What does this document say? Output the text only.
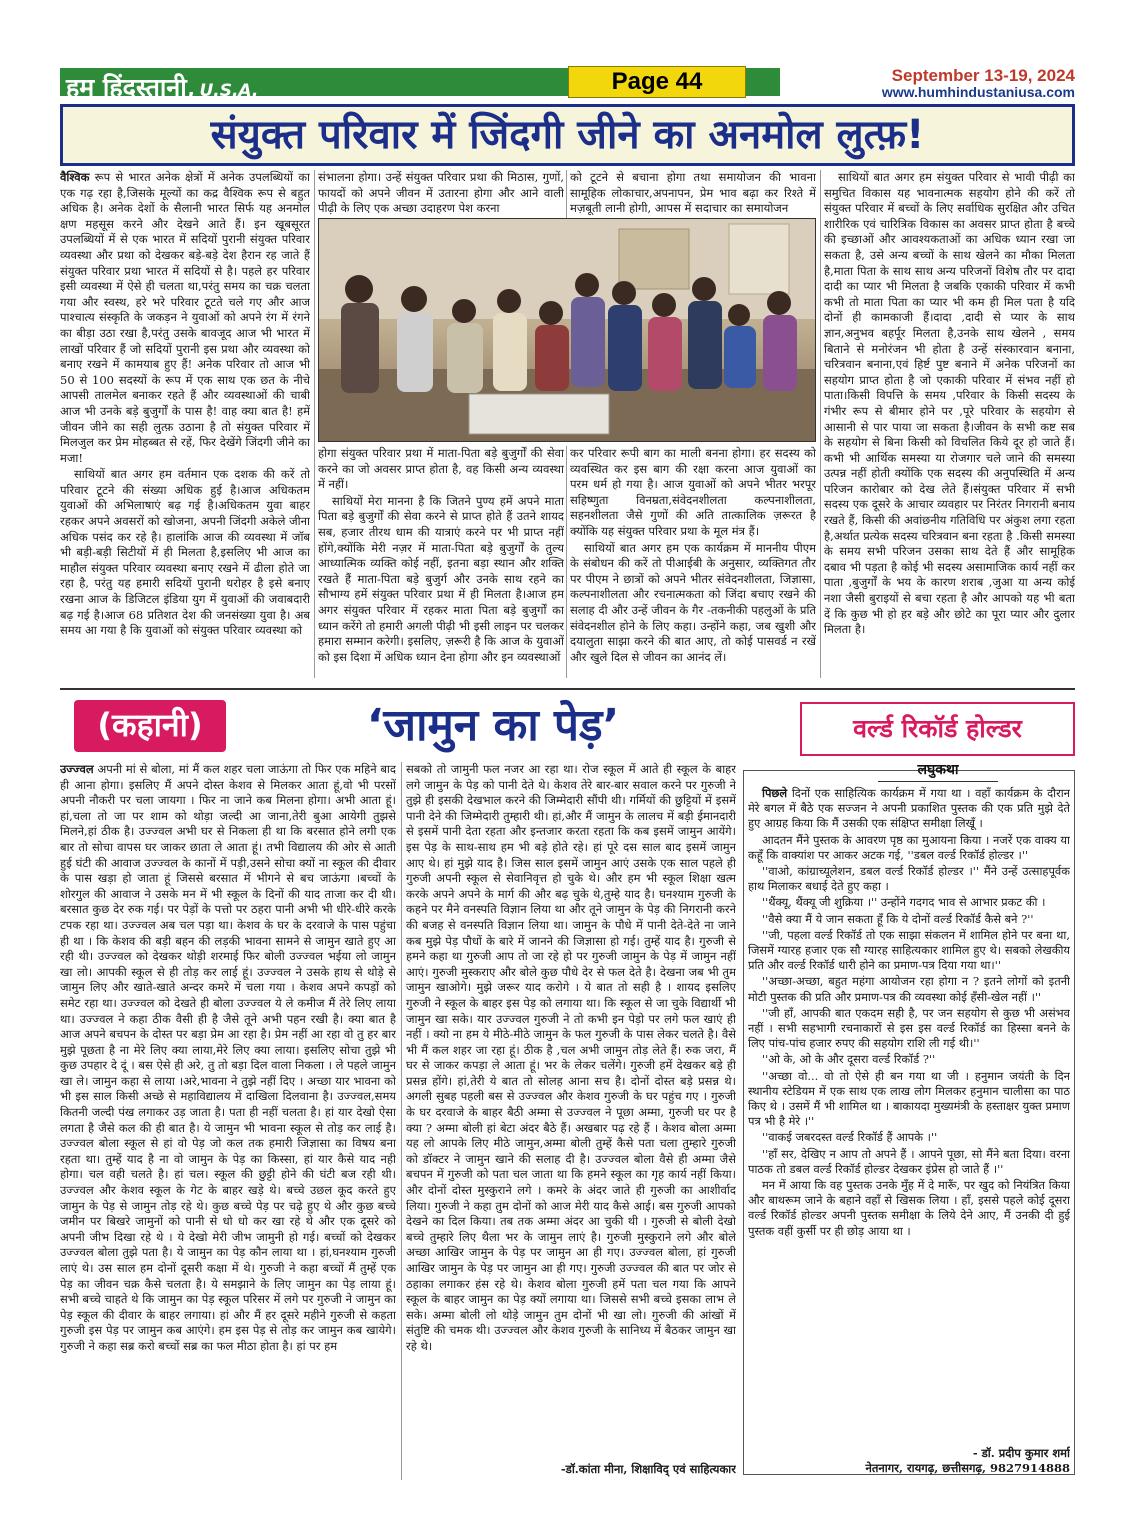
हम हिंदुस्तानी, U.S.A.	Page 44	September 13-19, 2024
www.humhindustaniusa.com
संयुक्त परिवार में जिंदगी जीने का अनमोल लुत्फ़!

वैश्विक रूप से भारत अनेक क्षेत्रों में अनेक उपलब्धियों का एक गढ़ रहा है,जिसके मूल्यों का कद्र वैश्विक रूप से बहुत अधिक है। अनेक देशों के सैलानी भारत सिर्फ यह अनमोल क्षण महसूस करने और देखने आते हैं। इन खूबसूरत उपलब्धियों में से एक भारत में सदियों पुरानी संयुक्त परिवार व्यवस्था और प्रथा को देखकर बड़े-बड़े देश हैरान रह जाते हैं संयुक्त परिवार प्रथा भारत में सदियों से है। पहले हर परिवार इसी व्यवस्था में ऐसे ही चलता था,परंतु समय का चक्र चलता गया और स्वस्थ, हरे भरे परिवार टूटते चले गए और आज पाश्चात्य संस्कृति के जकड़न ने युवाओं को अपने रंग में रंगने का बीड़ा उठा रखा है,परंतु उसके बावजूद आज भी भारत में लाखों परिवार हैं जो सदियों पुरानी इस प्रथा और व्यवस्था को बनाए रखने में कामयाब हुए हैं! अनेक परिवार तो आज भी 50 से 100 सदस्यों के रूप में एक साथ एक छत के नीचे आपसी तालमेल बनाकर रहते हैं और व्यवस्थाओं की चाबी आज भी उनके बड़े बुजुर्गों के पास है! वाह क्या बात है! हमें जीवन जीने का सही लुत्फ़ उठाना है तो संयुक्त परिवार में मिलजुल कर प्रेम मोहब्बत से रहें, फिर देखेंगे जिंदगी जीने का मजा!

साथियों बात अगर हम वर्तमान एक दशक की करें तो परिवार टूटने की संख्या अधिक हुई है।आज अधिकतम युवाओं की अभिलाषाएं बढ़ गई है।अधिकतम युवा बाहर रहकर अपने अवसरों को खोजना, अपनी जिंदगी अकेले जीना अधिक पसंद कर रहे है। हालांकि आज की व्यवस्था में जॉब भी बड़ी-बड़ी सिटीयों में ही मिलता है,इसलिए भी आज का माहौल संयुक्त परिवार व्यवस्था बनाए रखने में ढीला होते जा रहा है, परंतु यह हमारी सदियों पुरानी धरोहर है इसे बनाए रखना आज के डिजिटल इंडिया युग में युवाओं की जवाबदारी बढ़ गई है।आज 68 प्रतिशत देश की जनसंख्या युवा है। अब समय आ गया है कि युवाओं को संयुक्त परिवार व्यवस्था को

संभालना होगा। उन्हें संयुक्त परिवार प्रथा की मिठास, गुणों, फायदों को अपने जीवन में उतारना होगा और आने वाली पीढ़ी के लिए एक अच्छा उदाहरण पेश करना

को टूटने से बचाना होगा तथा समायोजन की भावना सामूहिक लोकाचार,अपनापन, प्रेम भाव बढ़ा कर रिश्ते में मज़बूती लानी होगी, आपस में सदाचार का समायोजन

होगा संयुक्त परिवार प्रथा में माता-पिता बड़े बुजुर्गों की सेवा करने का जो अवसर प्राप्त होता है, वह किसी अन्य व्यवस्था में नहीं।

साथियों मेरा मानना है कि जितने पुण्य हमें अपने माता पिता बड़े बुजुर्गों की सेवा करने से प्राप्त होते हैं उतने शायद सब, हजार तीरथ धाम की यात्राएं करने पर भी प्राप्त नहीं होंगे,क्योंकि मेरी नज़र में माता-पिता बड़े बुजुर्गों के तुल्य आध्यात्मिक व्यक्ति कोई नहीं, इतना बड़ा स्थान और शक्ति रखते हैं माता-पिता बड़े बुजुर्ग और उनके साथ रहने का सौभाग्य हमें संयुक्त परिवार प्रथा में ही मिलता है।आज हम अगर संयुक्त परिवार में रहकर माता पिता बड़े बुजुर्गों का ध्यान करेंगे तो हमारी अगली पीढ़ी भी इसी लाइन पर चलकर हमारा सम्मान करेगी। इसलिए, ज़रूरी है कि आज के युवाओं को इस दिशा में अधिक ध्यान देना होगा और इन व्यवस्थाओं

कर परिवार रूपी बाग का माली बनना होगा। हर सदस्य को व्यवस्थित कर इस बाग की रक्षा करना आज युवाओं का परम धर्म हो गया है। आज युवाओं को अपने भीतर भरपूर सहिष्णुता विनम्रता,संवेदनशीलता कल्पनाशीलता, सहनशीलता जैसे गुणों की अति तात्कालिक ज़रूरत है क्योंकि यह संयुक्त परिवार प्रथा के मूल मंत्र हैं।

साथियों बात अगर हम एक कार्यक्रम में माननीय पीएम के संबोधन की करें तो पीआईबी के अनुसार, व्यक्तिगत तौर पर पीएम ने छात्रों को अपने भीतर संवेदनशीलता, जिज्ञासा, कल्पनाशीलता और रचनात्मकता को जिंदा बचाए रखने की सलाह दी और उन्हें जीवन के गैर -तकनीकी पहलुओं के प्रति संवेदनशील होने के लिए कहा। उन्होंने कहा, जब खुशी और दयालुता साझा करने की बात आए, तो कोई पासवर्ड न रखें और खुले दिल से जीवन का आनंद लें।

साथियों बात अगर हम संयुक्त परिवार से भावी पीढ़ी का समुचित विकास यह भावनात्मक सहयोग होने की करें तो संयुक्त परिवार में बच्चों के लिए सर्वाधिक सुरक्षित और उचित शारीरिक एवं चारित्रिक विकास का अवसर प्राप्त होता है बच्चे की इच्छाओं और आवश्यकताओं का अधिक ध्यान रखा जा सकता है, उसे अन्य बच्चों के साथ खेलने का मौका मिलता है,माता पिता के साथ साथ अन्य परिजनों विशेष तौर पर दादा दादी का प्यार भी मिलता है जबकि एकाकी परिवार में कभी कभी तो माता पिता का प्यार भी कम ही मिल पता है यदि दोनों ही कामकाजी हैं।दादा ,दादी से प्यार के साथ ज्ञान,अनुभव बहर्पूर मिलता है,उनके साथ खेलने , समय बिताने से मनोरंजन भी होता है उन्हें संस्कारवान बनाना, चरित्रवान बनाना,एवं हिर्ष्ट पुष्ट बनाने में अनेक परिजनों का सहयोग प्राप्त होता है जो एकाकी परिवार में संभव नहीं हो पाता।किसी विपत्ति के समय ,परिवार के किसी सदस्य के गंभीर रूप से बीमार होने पर ,पूरे परिवार के सहयोग से आसानी से पार पाया जा सकता है।जीवन के सभी कष्ट सब के सहयोग से बिना किसी को विचलित किये दूर हो जाते हैं।कभी भी आर्थिक समस्या या रोजगार चले जाने की समस्या उत्पन्न नहीं होती क्योंकि एक सदस्य की अनुपस्थिति में अन्य परिजन कारोबार को देख लेते हैं।संयुक्त परिवार में सभी सदस्य एक दूसरे के आचार व्यवहार पर निरंतर निगरानी बनाय रखते हैं, किसी की अवांछनीय गतिविधि पर अंकुश लगा रहता है,अर्थात प्रत्येक सदस्य चरित्रवान बना रहता है .किसी समस्या के समय सभी परिजन उसका साथ देते हैं और सामूहिक दबाव भी पड़ता है कोई भी सदस्य असामाजिक कार्य नहीं कर पाता ,बुजुर्गों के भय के कारण शराब ,जुआ या अन्य कोई नशा जैसी बुराइयों से बचा रहता है और आपको यह भी बता दें कि कुछ भी हो हर बड़े और छोटे का पूरा प्यार और दुलार मिलता है।

(कहानी)	‘जामुन का पेड़’

उज्ज्वल अपनी मां से बोला, मां मैं कल शहर चला जाऊंगा तो फिर एक महिने बाद ही आना होगा। इसलिए मैं अपने दोस्त केशव से मिलकर आता हूं,वो भी परसों अपनी नौकरी पर चला जायगा । फिर ना जाने कब मिलना होगा। अभी आता हूं। हां,चला तो जा पर शाम को थोड़ा जल्दी आ जाना,तेरी बुआ आयेगी तुझसे मिलने,हां ठीक है। उज्ज्वल अभी घर से निकला ही था कि बरसात होने लगी एक बार तो सोचा वापस घर जाकर छाता ले आता हूं। तभी विद्यालय की ओर से आती हुई घंटी की आवाज उज्ज्वल के कानों में पड़ी,उसने सोचा क्यों ना स्कूल की दीवार के पास खड़ा हो जाता हूं जिससे बरसात में भीगने से बच जाऊंगा ।बच्चों के शोरगुल की आवाज ने उसके मन में भी स्कूल के दिनों की याद ताजा कर दी थी। बरसात कुछ देर रुक गई। पर पेड़ों के पत्तो पर ठहरा पानी अभी भी धीरे-धीरे करके टपक रहा था। उज्ज्वल अब चल पड़ा था। केशव के घर के दरवाजे के पास पहुंचा ही था । कि केशव की बड़ी बहन की लड़की भावना सामने से जामुन खाते हुए आ रही थी। उज्ज्वल को देखकर थोड़ी शरमाई फिर बोली उज्ज्वल भईया लो जामुन खा लो। आपकी स्कूल से ही तोड़ कर लाई हूं। उज्ज्वल ने उसके हाथ से थोड़े से जामुन लिए और खाते-खाते अन्दर कमरे में चला गया । केशव अपने कपड़ों को समेट रहा था। उज्ज्वल को देखते ही बोला उज्ज्वल ये ले कमीज मैं तेरे लिए लाया था। उज्ज्वल ने कहा ठीक वैसी ही है जैसे तूने अभी पहन रखी है। क्या बात है आज अपने बचपन के दोस्त पर बड़ा प्रेम आ रहा है। प्रेम नहीं आ रहा वो तु हर बार मुझे पूछता है ना मेरे लिए क्या लाया,मेरे लिए क्या लाया। इसलिए सोचा तुझे भी कुछ उपहार दे दूं । बस ऐसे ही अरे, तु तो बड़ा दिल वाला निकला । ले पहले जामुन खा ले। जामुन कहा से लाया ।अरे,भावना ने तुझे नहीं दिए । अच्छा यार भावना को भी इस साल किसी अच्छे से महाविद्यालय में दाखिला दिलवाना है। उज्ज्वल,समय कितनी जल्दी पंख लगाकर उड़ जाता है। पता ही नहीं चलता है। हां यार देखो ऐसा लगता है जैसे कल की ही बात है। ये जामुन भी भावना स्कूल से तोड़ कर लाई है। उज्ज्वल बोला स्कूल से हां वो पेड़ जो कल तक हमारी जिज्ञासा का विषय बना रहता था। तुम्हें याद है ना वो जामुन के पेड़ का किस्सा, हां यार कैसे याद नही होगा। चल वही चलते है। हां चल। स्कूल की छुट्टी होने की घंटी बज रही थी। उज्ज्वल और केशव स्कूल के गेट के बाहर खड़े थे। बच्चे उछल कूद करते हुए जामुन के पेड़ से जामुन तोड़ रहे थे। कुछ बच्चे पेड़ पर चढ़े हुए थे और कुछ बच्चे जमीन पर बिखरे जामुनों को पानी से धो धो कर खा रहे थे और एक दूसरे को अपनी जीभ दिखा रहे थे । ये देखो मेरी जीभ जामुनी हो गई। बच्चों को देखकर उज्ज्वल बोला तुझे पता है। ये जामुन का पेड़ कौन लाया था । हां,घनश्याम गुरुजी लाएं थे। उस साल हम दोनों दूसरी कक्षा में थे। गुरुजी ने कहा बच्चों मैं तुम्हें एक पेड़ का जीवन चक्र कैसे चलता है। ये समझाने के लिए जामुन का पेड़ लाया हूं। सभी बच्चे चाहते थे कि जामुन का पेड़ स्कूल परिसर में लगे पर गुरुजी ने जामुन का पेड़ स्कूल की दीवार के बाहर लगाया। हां और मैं हर दूसरे महीने गुरुजी से कहता गुरुजी इस पेड़ पर जामुन कब आएंगे। हम इस पेड़ से तोड़ कर जामुन कब खायेगे। गुरुजी ने कहा सब्र करो बच्चों सब्र का फल मीठा होता है। हां पर हम

सबको तो जामुनी फल नजर आ रहा था। रोज स्कूल में आते ही स्कूल के बाहर लगे जामुन के पेड़ को पानी देते थे। केशव तेरे बार-बार सवाल करने पर गुरुजी ने तुझे ही इसकी देखभाल करने की जिम्मेदारी सौंपी थी। गर्मियों की छुट्टियों में इसमें पानी देने की जिम्मेदारी तुम्हारी थी। हां,और मैं जामुन के लालच में बड़ी ईमानदारी से इसमें पानी देता रहता और इन्तजार करता रहता कि कब इसमें जामुन आयेंगे। इस पेड़ के साथ-साथ हम भी बड़े होते रहे। हां पूरे दस साल बाद इसमें जामुन आए थे। हां मुझे याद है। जिस साल इसमें जामुन आएं उसके एक साल पहले ही गुरुजी अपनी स्कूल से सेवानिवृत्त हो चुके थे। और हम भी स्कूल शिक्षा खत्म करके अपने अपने के मार्ग की और बढ़ चुके थे,तुम्हे याद है। घनश्याम गुरुजी के कहने पर मैने वनस्पति विज्ञान लिया था और तूने जामुन के पेड़ की निगरानी करने की बजह से वनस्पति विज्ञान लिया था। जामुन के पौधे में पानी देते-देते ना जाने कब मुझे पेड़ पौधों के बारे में जानने की जिज्ञासा हो गई। तुम्हें याद है। गुरुजी से हमने कहा था गुरुजी आप तो जा रहे हो पर गुरुजी जामुन के पेड़ में जामुन नहीं आएं। गुरुजी मुस्कराए और बोले कुछ पौधे देर से फल देते है। देखना जब भी तुम जामुन खाओगे। मुझे जरूर याद करोगे । ये बात तो सही है । शायद इसलिए गुरुजी ने स्कूल के बाहर इस पेड़ को लगाया था। कि स्कूल से जा चुके विद्यार्थी भी जामुन खा सके। यार उज्ज्वल गुरुजी ने तो कभी इन पेड़ो पर लगे फल खाएं ही नहीं । क्यो ना हम ये मीठे-मीठे जामुन के फल गुरुजी के पास लेकर चलते है। वैसे भी मैं कल शहर जा रहा हूं। ठीक है ,चल अभी जामुन तोड़ लेते हैं। रुक जरा, मैं घर से जाकर कपड़ा ले आता हूं। भर के लेकर चलेंगे। गुरुजी हमें देखकर बड़े ही प्रसन्न होंगे। हां,तेरी ये बात तो सोलह आना सच है। दोनों दोस्त बड़े प्रसन्न थे। अगली सुबह पहली बस से उज्ज्वल और केशव गुरुजी के घर पहुंच गए । गुरुजी के घर दरवाजे के बाहर बैठी अम्मा से उज्ज्वल ने पूछा अम्मा, गुरुजी घर पर है क्या ? अम्मा बोली हां बेटा अंदर बैठे हैं। अखबार पढ़ रहे हैं । केशव बोला अम्मा यह लो आपके लिए मीठे जामुन,अम्मा बोली तुम्हें कैसे पता चला तुम्हारे गुरुजी को डॉक्टर ने जामुन खाने की सलाह दी है। उज्ज्वल बोला वैसे ही अम्मा जैसे बचपन में गुरुजी को पता चल जाता था कि हमने स्कूल का गृह कार्य नहीं किया। और दोनों दोस्त मुस्कुराने लगे । कमरे के अंदर जाते ही गुरुजी का आशीर्वाद लिया। गुरुजी ने कहा तुम दोनों को आज मेरी याद कैसे आई। बस गुरुजी आपको देखने का दिल किया। तब तक अम्मा अंदर आ चुकी थी । गुरुजी से बोली देखो बच्चे तुम्हारे लिए थैला भर के जामुन लाएं है। गुरुजी मुस्कुराने लगे और बोले अच्छा आखिर जामुन के पेड़ पर जामुन आ ही गए। उज्ज्वल बोला, हां गुरुजी आखिर जामुन के पेड़ पर जामुन आ ही गए। गुरुजी उज्ज्वल की बात पर जोर से ठहाका लगाकर हंस रहे थे। केशव बोला गुरुजी हमें पता चल गया कि आपने स्कूल के बाहर जामुन का पेड़ क्यों लगाया था। जिससे सभी बच्चे इसका लाभ ले सके। अम्मा बोली लो थोड़े जामुन तुम दोनों भी खा लो। गुरुजी की आंखों में संतुष्टि की चमक थी। उज्ज्वल और केशव गुरुजी के सानिध्य में बैठकर जामुन खा रहे थे।

-डॉ.कांता मीना, शिक्षाविद् एवं साहित्यकार
वर्ल्ड रिकॉर्ड होल्डर
लघुकथा

पिछले दिनों एक साहित्यिक कार्यक्रम में गया था । वहाँ कार्यक्रम के दौरान मेरे बगल में बैठे एक सज्जन ने अपनी प्रकाशित पुस्तक की एक प्रति मुझे देते हुए आग्रह किया कि मैं उसकी एक संक्षिप्त समीक्षा लिखूँ ।

आदतन मैंने पुस्तक के आवरण पृष्ठ का मुआयना किया । नजरें एक वाक्य या कहूँ कि वाक्यांश पर आकर अटक गई, ''डबल वर्ल्ड रिकॉर्ड होल्डर ।''

''वाओ, कांग्राच्यूलेशन, डबल वर्ल्ड रिकॉर्ड होल्डर ।'' मैंने उन्हें उत्साहपूर्वक हाथ मिलाकर बधाई देते हुए कहा ।

''थैंक्यू, थैंक्यू जी शुक्रिया ।'' उन्होंने गदगद भाव से आभार प्रकट की ।

''वैसे क्या मैं ये जान सकता हूँ कि ये दोनों वर्ल्ड रिकॉर्ड कैसे बने ?''

''जी, पहला वर्ल्ड रिकॉर्ड तो एक साझा संकलन में शामिल होने पर बना था, जिसमें ग्यारह हजार एक सौ ग्यारह साहित्यकार शामिल हुए थे। सबको लेखकीय प्रति और वर्ल्ड रिकॉर्ड धारी होने का प्रमाण-पत्र दिया गया था।''

''अच्छा-अच्छा, बहुत महंगा आयोजन रहा होगा न ? इतने लोगों को इतनी मोटी पुस्तक की प्रति और प्रमाण-पत्र की व्यवस्था कोई हँसी-खेल नहीं ।''

''जी हाँ, आपकी बात एकदम सही है, पर जन सहयोग से कुछ भी असंभव नहीं । सभी सहभागी रचनाकारों से इस इस वर्ल्ड रिकॉर्ड का हिस्सा बनने के लिए पांच-पांच हजार रुपए की सहयोग राशि ली गई थी।''

''ओ के, ओ के और दूसरा वर्ल्ड रिकॉर्ड ?''

''अच्छा वो... वो तो ऐसे ही बन गया था जी । हनुमान जयंती के दिन स्थानीय स्टेडियम में एक साथ एक लाख लोग मिलकर हनुमान चालीसा का पाठ किए थे । उसमें मैं भी शामिल था । बाकायदा मुख्यमंत्री के हस्ताक्षर युक्त प्रमाण पत्र भी है मेरे ।''

''वाकई जबरदस्त वर्ल्ड रिकॉर्ड हैं आपके ।''

''हाँ सर, देखिए न आप तो अपने हैं । आपने पूछा, सो मैंने बता दिया। वरना पाठक तो डबल वर्ल्ड रिकॉर्ड होल्डर देखकर इंप्रेस हो जाते हैं ।''

मन में आया कि वह पुस्तक उनके मुँह में दे मारूँ, पर खुद को नियंत्रित किया और बाथरूम जाने के बहाने वहाँ से खिसक लिया । हाँ, इससे पहले कोई दूसरा वर्ल्ड रिकॉर्ड होल्डर अपनी पुस्तक समीक्षा के लिये देने आए, मैं उनकी दी हुई पुस्तक वहीं कुर्सी पर ही छोड़ आया था ।

- डॉ. प्रदीप कुमार शर्मा
नेतनागर, रायगढ़, छत्तीसगढ़, 9827914888
